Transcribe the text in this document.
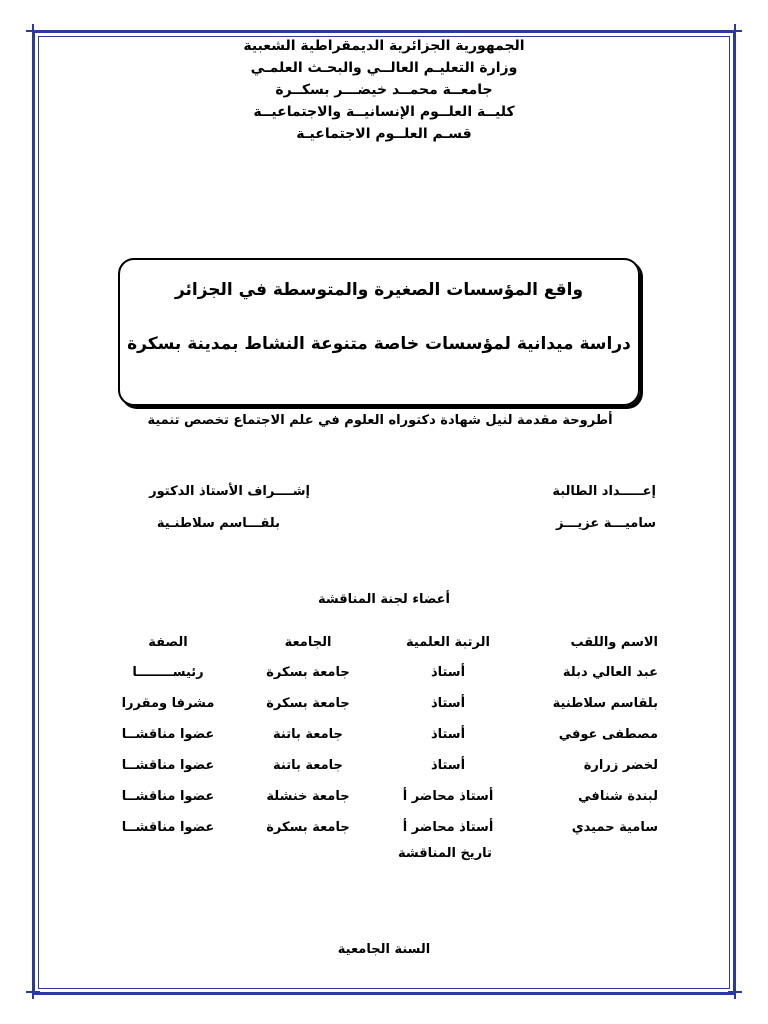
الجمهورية الجزائرية الديمقراطية الشعبية
وزارة التعليـم العالــي والبحـث العلمـي
جامعــة محمــد خيضـــر بسكــرة
كليــة العلــوم الإنسانيــة والاجتماعيــة
قسـم العلــوم الاجتماعيـة
واقع المؤسسات الصغيرة والمتوسطة في الجزائر
دراسة ميدانية لمؤسسات خاصة متنوعة النشاط بمدينة بسكرة
أطروحة مقدمة لنيل شهادة دكتوراه العلوم في علم الاجتماع تخصص تنمية
إعـــــداد الطالبة
ساميـــة عزيـــز
إشــــراف الأستاذ الدكتور
بلقـــاسم سلاطنـية
أعضاء لجنة المناقشة
الاسم واللقب	الرتبة العلمية	الجامعة	الصفة
عبد العالي دبلة	أستاذ	جامعة بسكرة	رئيســــــــا
بلقاسم سلاطنية	أستاذ	جامعة بسكرة	مشرفا ومقررا
مصطفى عوفي	أستاذ	جامعة باتنة	عضوا مناقشــا
لخضر زرارة	أستاذ	جامعة باتنة	عضوا مناقشــا
لبندة شنافي	أستاذ محاضر أ	جامعة خنشلة	عضوا مناقشــا
سامية حميدي	أستاذ محاضر أ	جامعة بسكرة	عضوا مناقشــا
تاريخ المناقشة
السنة الجامعية
